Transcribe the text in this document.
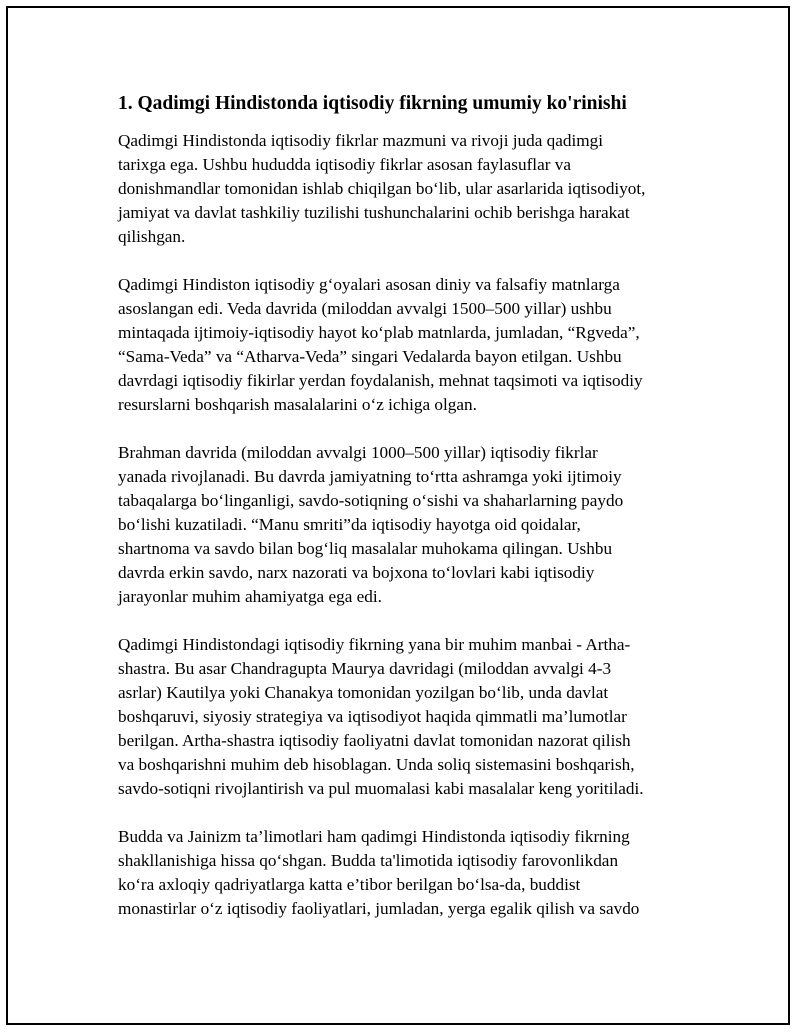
1. Qadimgi Hindistonda iqtisodiy fikrning umumiy ko'rinishi

Qadimgi Hindistonda iqtisodiy fikrlar mazmuni va rivoji juda qadimgi
tarixga ega. Ushbu hududda iqtisodiy fikrlar asosan faylasuflar va
donishmandlar tomonidan ishlab chiqilgan bo‘lib, ular asarlarida iqtisodiyot,
jamiyat va davlat tashkiliy tuzilishi tushunchalarini ochib berishga harakat
qilishgan.

Qadimgi Hindiston iqtisodiy g‘oyalari asosan diniy va falsafiy matnlarga
asoslangan edi. Veda davrida (miloddan avvalgi 1500–500 yillar) ushbu
mintaqada ijtimoiy-iqtisodiy hayot ko‘plab matnlarda, jumladan, “Rgveda”,
“Sama-Veda” va “Atharva-Veda” singari Vedalarda bayon etilgan. Ushbu
davrdagi iqtisodiy fikirlar yerdan foydalanish, mehnat taqsimoti va iqtisodiy
resurslarni boshqarish masalalarini o‘z ichiga olgan.

Brahman davrida (miloddan avvalgi 1000–500 yillar) iqtisodiy fikrlar
yanada rivojlanadi. Bu davrda jamiyatning to‘rtta ashramga yoki ijtimoiy
tabaqalarga bo‘linganligi, savdo-sotiqning o‘sishi va shaharlarning paydo
bo‘lishi kuzatiladi. “Manu smriti”da iqtisodiy hayotga oid qoidalar,
shartnoma va savdo bilan bog‘liq masalalar muhokama qilingan. Ushbu
davrda erkin savdo, narx nazorati va bojxona to‘lovlari kabi iqtisodiy
jarayonlar muhim ahamiyatga ega edi.

Qadimgi Hindistondagi iqtisodiy fikrning yana bir muhim manbai - Artha-
shastra. Bu asar Chandragupta Maurya davridagi (miloddan avvalgi 4-3
asrlar) Kautilya yoki Chanakya tomonidan yozilgan bo‘lib, unda davlat
boshqaruvi, siyosiy strategiya va iqtisodiyot haqida qimmatli ma’lumotlar
berilgan. Artha-shastra iqtisodiy faoliyatni davlat tomonidan nazorat qilish
va boshqarishni muhim deb hisoblagan. Unda soliq sistemasini boshqarish,
savdo-sotiqni rivojlantirish va pul muomalasi kabi masalalar keng yoritiladi.

Budda va Jainizm ta’limotlari ham qadimgi Hindistonda iqtisodiy fikrning
shakllanishiga hissa qo‘shgan. Budda ta'limotida iqtisodiy farovonlikdan
ko‘ra axloqiy qadriyatlarga katta e’tibor berilgan bo‘lsa-da, buddist
monastirlar o‘z iqtisodiy faoliyatlari, jumladan, yerga egalik qilish va savdo
